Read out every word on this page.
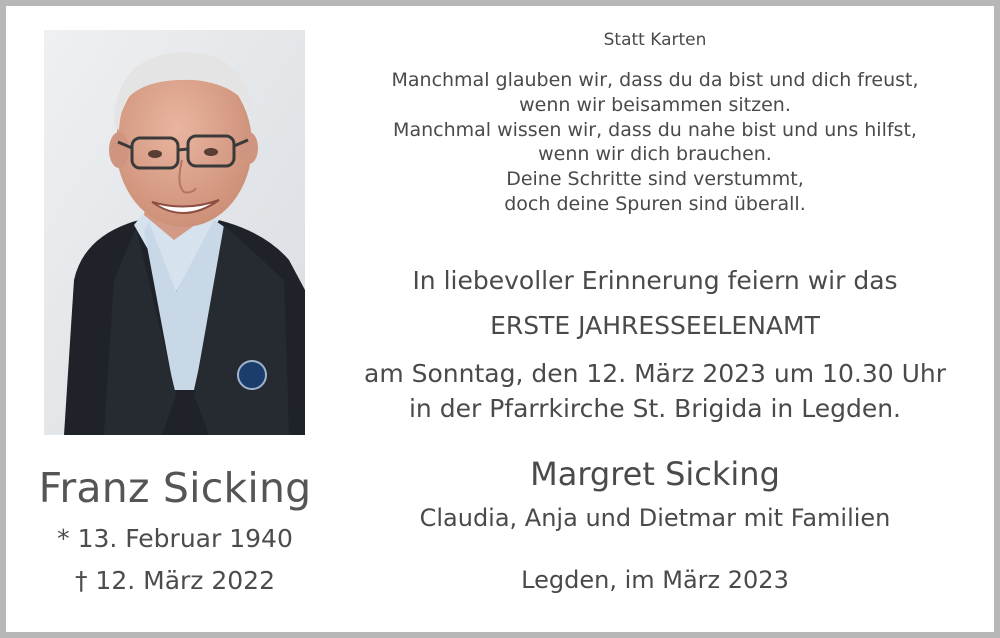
Franz Sicking
* 13. Februar 1940
† 12. März 2022
Statt Karten
Manchmal glauben wir, dass du da bist und dich freust,
wenn wir beisammen sitzen.
Manchmal wissen wir, dass du nahe bist und uns hilfst,
wenn wir dich brauchen.
Deine Schritte sind verstummt,
doch deine Spuren sind überall.
In liebevoller Erinnerung feiern wir das
ERSTE JAHRESSEELENAMT
am Sonntag, den 12. März 2023 um 10.30 Uhr
in der Pfarrkirche St. Brigida in Legden.
Margret Sicking
Claudia, Anja und Dietmar mit Familien
Legden, im März 2023
